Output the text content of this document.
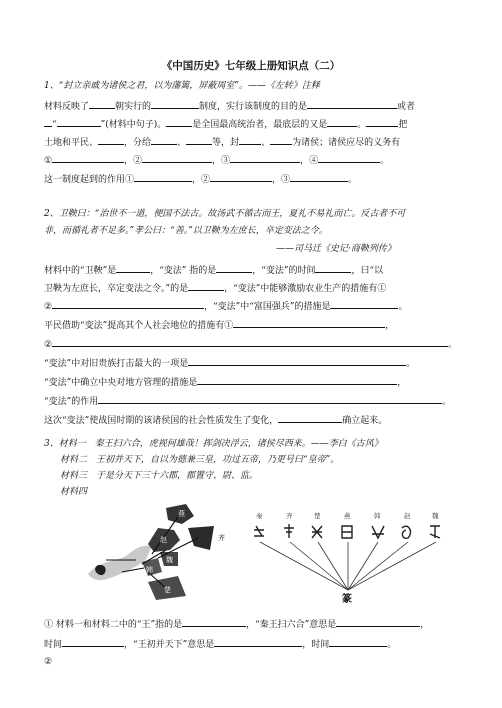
《中国历史》七年级上册知识点（二）
1、“封立亲戚为诸侯之君，以为藩篱，屏蔽周室”。——《左转》注释
材料反映了	朝实行的	制度，实行该制度的目的是	或者
“	”(材料中句子)。	是全国最高统治者，最底层的又是	。	把
土地和平民、	，分给	、	等，封 、 为诸侯；诸侯应尽的义务有
①	，②	，③	，④	。
这一制度起到的作用①	，②	，③	。
2、卫鞅曰：“治世不一道，便国不法古。故汤武不循古而王，夏礼不易礼而亡。反古者不可
非，而循礼者不足多。”孝公曰：“善。”以卫鞅为左庶长，卒定变法之令。
——司马迁《史记·商鞅列传》
材料中的“卫鞅”是	，“变法” 指的是	，“变法”的时间	，曰“以
卫鞅为左庶长，卒定变法之令。”的是	，“变法”中能够激励农业生产的措施有①
②	，“变法”中“富国强兵”的措施是	。
平民借助“变法”提高其个人社会地位的措施有①	，
②	。
“变法”中对旧贵族打击最大的一项是	。
“变法”中确立中央对地方管理的措施是	，
“变法”的作用	。
这次“变法”使战国时期的该诸侯国的社会性质发生了变化，	确立起来。
3、材料一　秦王扫六合，虎视何雄哉！挥剑决浮云，诸侯尽西来。——李白《古风》
材料二　王初并天下，自以为德兼三皇，功过五帝，乃更号曰“皇帝”。
材料三　于是分天下三十六郡，郡置守、尉、监。
材料四
燕
齐
赵
魏
韩
楚
秦	齐	楚	燕	韩	赵	魏
篆
① 材料一和材料二中的“王”指的是	，“秦王扫六合”意思是	，
时间	，“王初并天下”意思是	，时间	。
②
